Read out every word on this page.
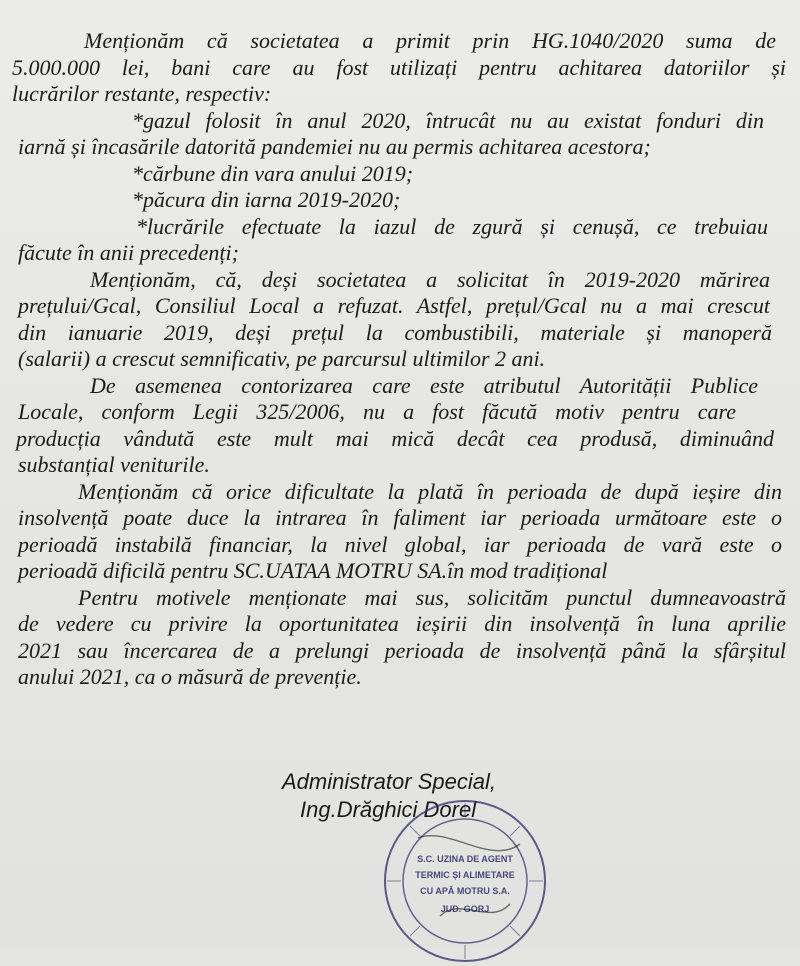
Menționăm că societatea a primit prin HG.1040/2020 suma de
5.000.000 lei, bani care au fost utilizați pentru achitarea datoriilor și
lucrărilor restante, respectiv:
*gazul folosit în anul 2020, întrucât nu au existat fonduri din
iarnă și încasările datorită pandemiei nu au permis achitarea acestora;
*cărbune din vara anului 2019;
*păcura din iarna 2019-2020;
*lucrările efectuate la iazul de zgură și cenușă, ce trebuiau
făcute în anii precedenți;
Menționăm, că, deși societatea a solicitat în 2019-2020 mărirea
prețului/Gcal, Consiliul Local a refuzat. Astfel, prețul/Gcal nu a mai crescut
din ianuarie 2019, deși prețul la combustibili, materiale și manoperă
(salarii) a crescut semnificativ, pe parcursul ultimilor 2 ani.
De asemenea contorizarea care este atributul Autorității Publice
Locale, conform Legii 325/2006, nu a fost făcută motiv pentru care
producția vândută este mult mai mică decât cea produsă, diminuând
substanțial veniturile.
Menționăm că orice dificultate la plată în perioada de după ieșire din
insolvență poate duce la intrarea în faliment iar perioada următoare este o
perioadă instabilă financiar, la nivel global, iar perioada de vară este o
perioadă dificilă pentru SC.UATAA MOTRU SA.în mod tradițional
Pentru motivele menționate mai sus, solicităm punctul dumneavoastră
de vedere cu privire la oportunitatea ieșirii din insolvență în luna aprilie
2021 sau încercarea de a prelungi perioada de insolvență până la sfârșitul
anului 2021, ca o măsură de prevenție.
Administrator Special,
Ing.Drăghici Dorel
S.C. UZINA DE AGENT
TERMIC ȘI ALIMETARE
CU APĂ MOTRU S.A.
JUD. GORJ
